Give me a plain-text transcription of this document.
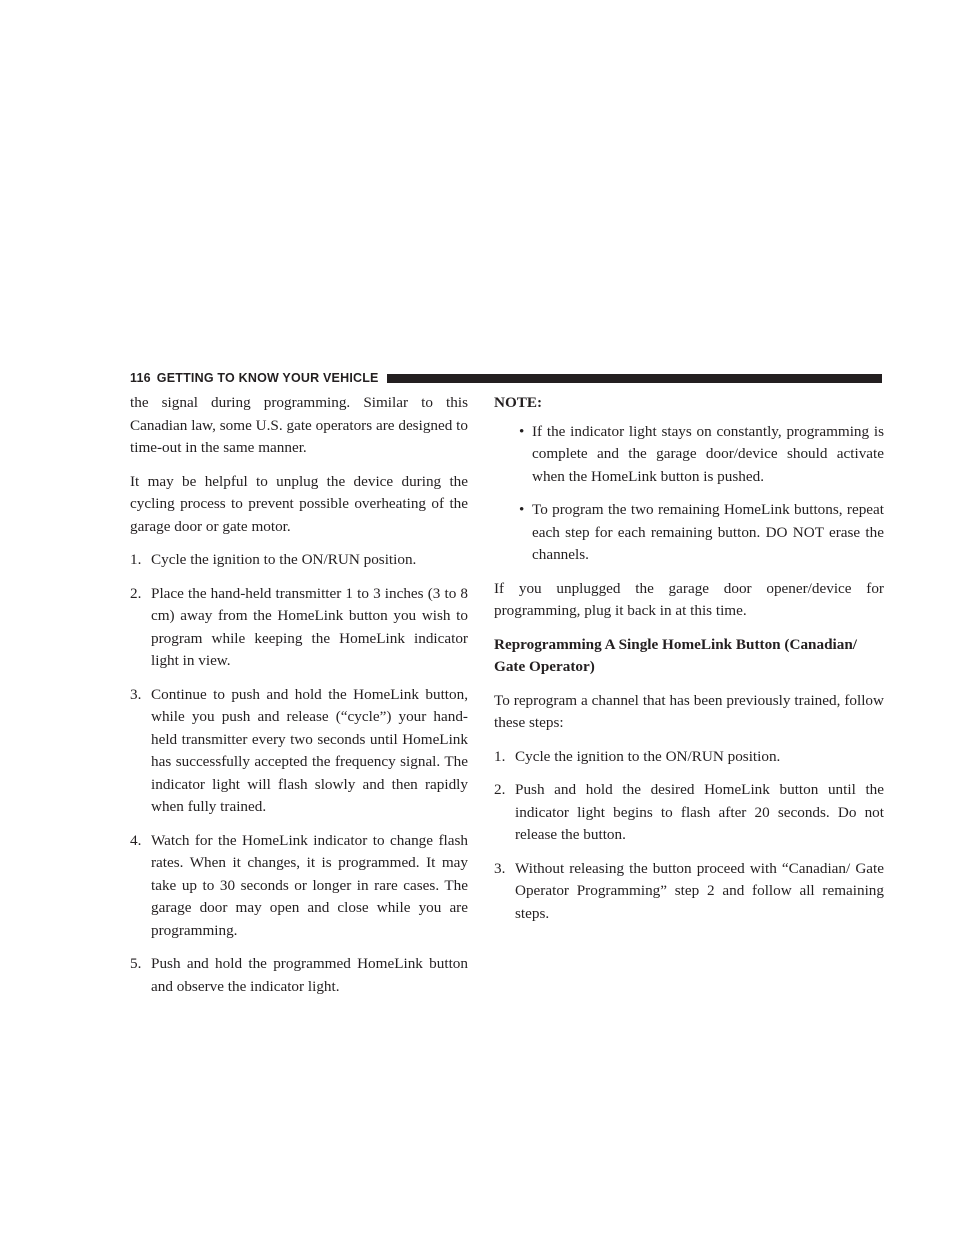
116 GETTING TO KNOW YOUR VEHICLE

the signal during programming. Similar to this Canadian law, some U.S. gate operators are designed to time-out in the same manner.

It may be helpful to unplug the device during the cycling process to prevent possible overheating of the garage door or gate motor.

1. Cycle the ignition to the ON/RUN position.

2. Place the hand-held transmitter 1 to 3 inches (3 to 8 cm) away from the HomeLink button you wish to program while keeping the HomeLink indicator light in view.

3. Continue to push and hold the HomeLink button, while you push and release (“cycle”) your hand-held transmitter every two seconds until HomeLink has successfully accepted the frequency signal. The indicator light will flash slowly and then rapidly when fully trained.

4. Watch for the HomeLink indicator to change flash rates. When it changes, it is programmed. It may take up to 30 seconds or longer in rare cases. The garage door may open and close while you are programming.

5. Push and hold the programmed HomeLink button and observe the indicator light.

NOTE:
• If the indicator light stays on constantly, programming is complete and the garage door/device should activate when the HomeLink button is pushed.
• To program the two remaining HomeLink buttons, repeat each step for each remaining button. DO NOT erase the channels.

If you unplugged the garage door opener/device for programming, plug it back in at this time.

Reprogramming A Single HomeLink Button (Canadian/ Gate Operator)

To reprogram a channel that has been previously trained, follow these steps:

1. Cycle the ignition to the ON/RUN position.

2. Push and hold the desired HomeLink button until the indicator light begins to flash after 20 seconds. Do not release the button.

3. Without releasing the button proceed with “Canadian/ Gate Operator Programming” step 2 and follow all remaining steps.
